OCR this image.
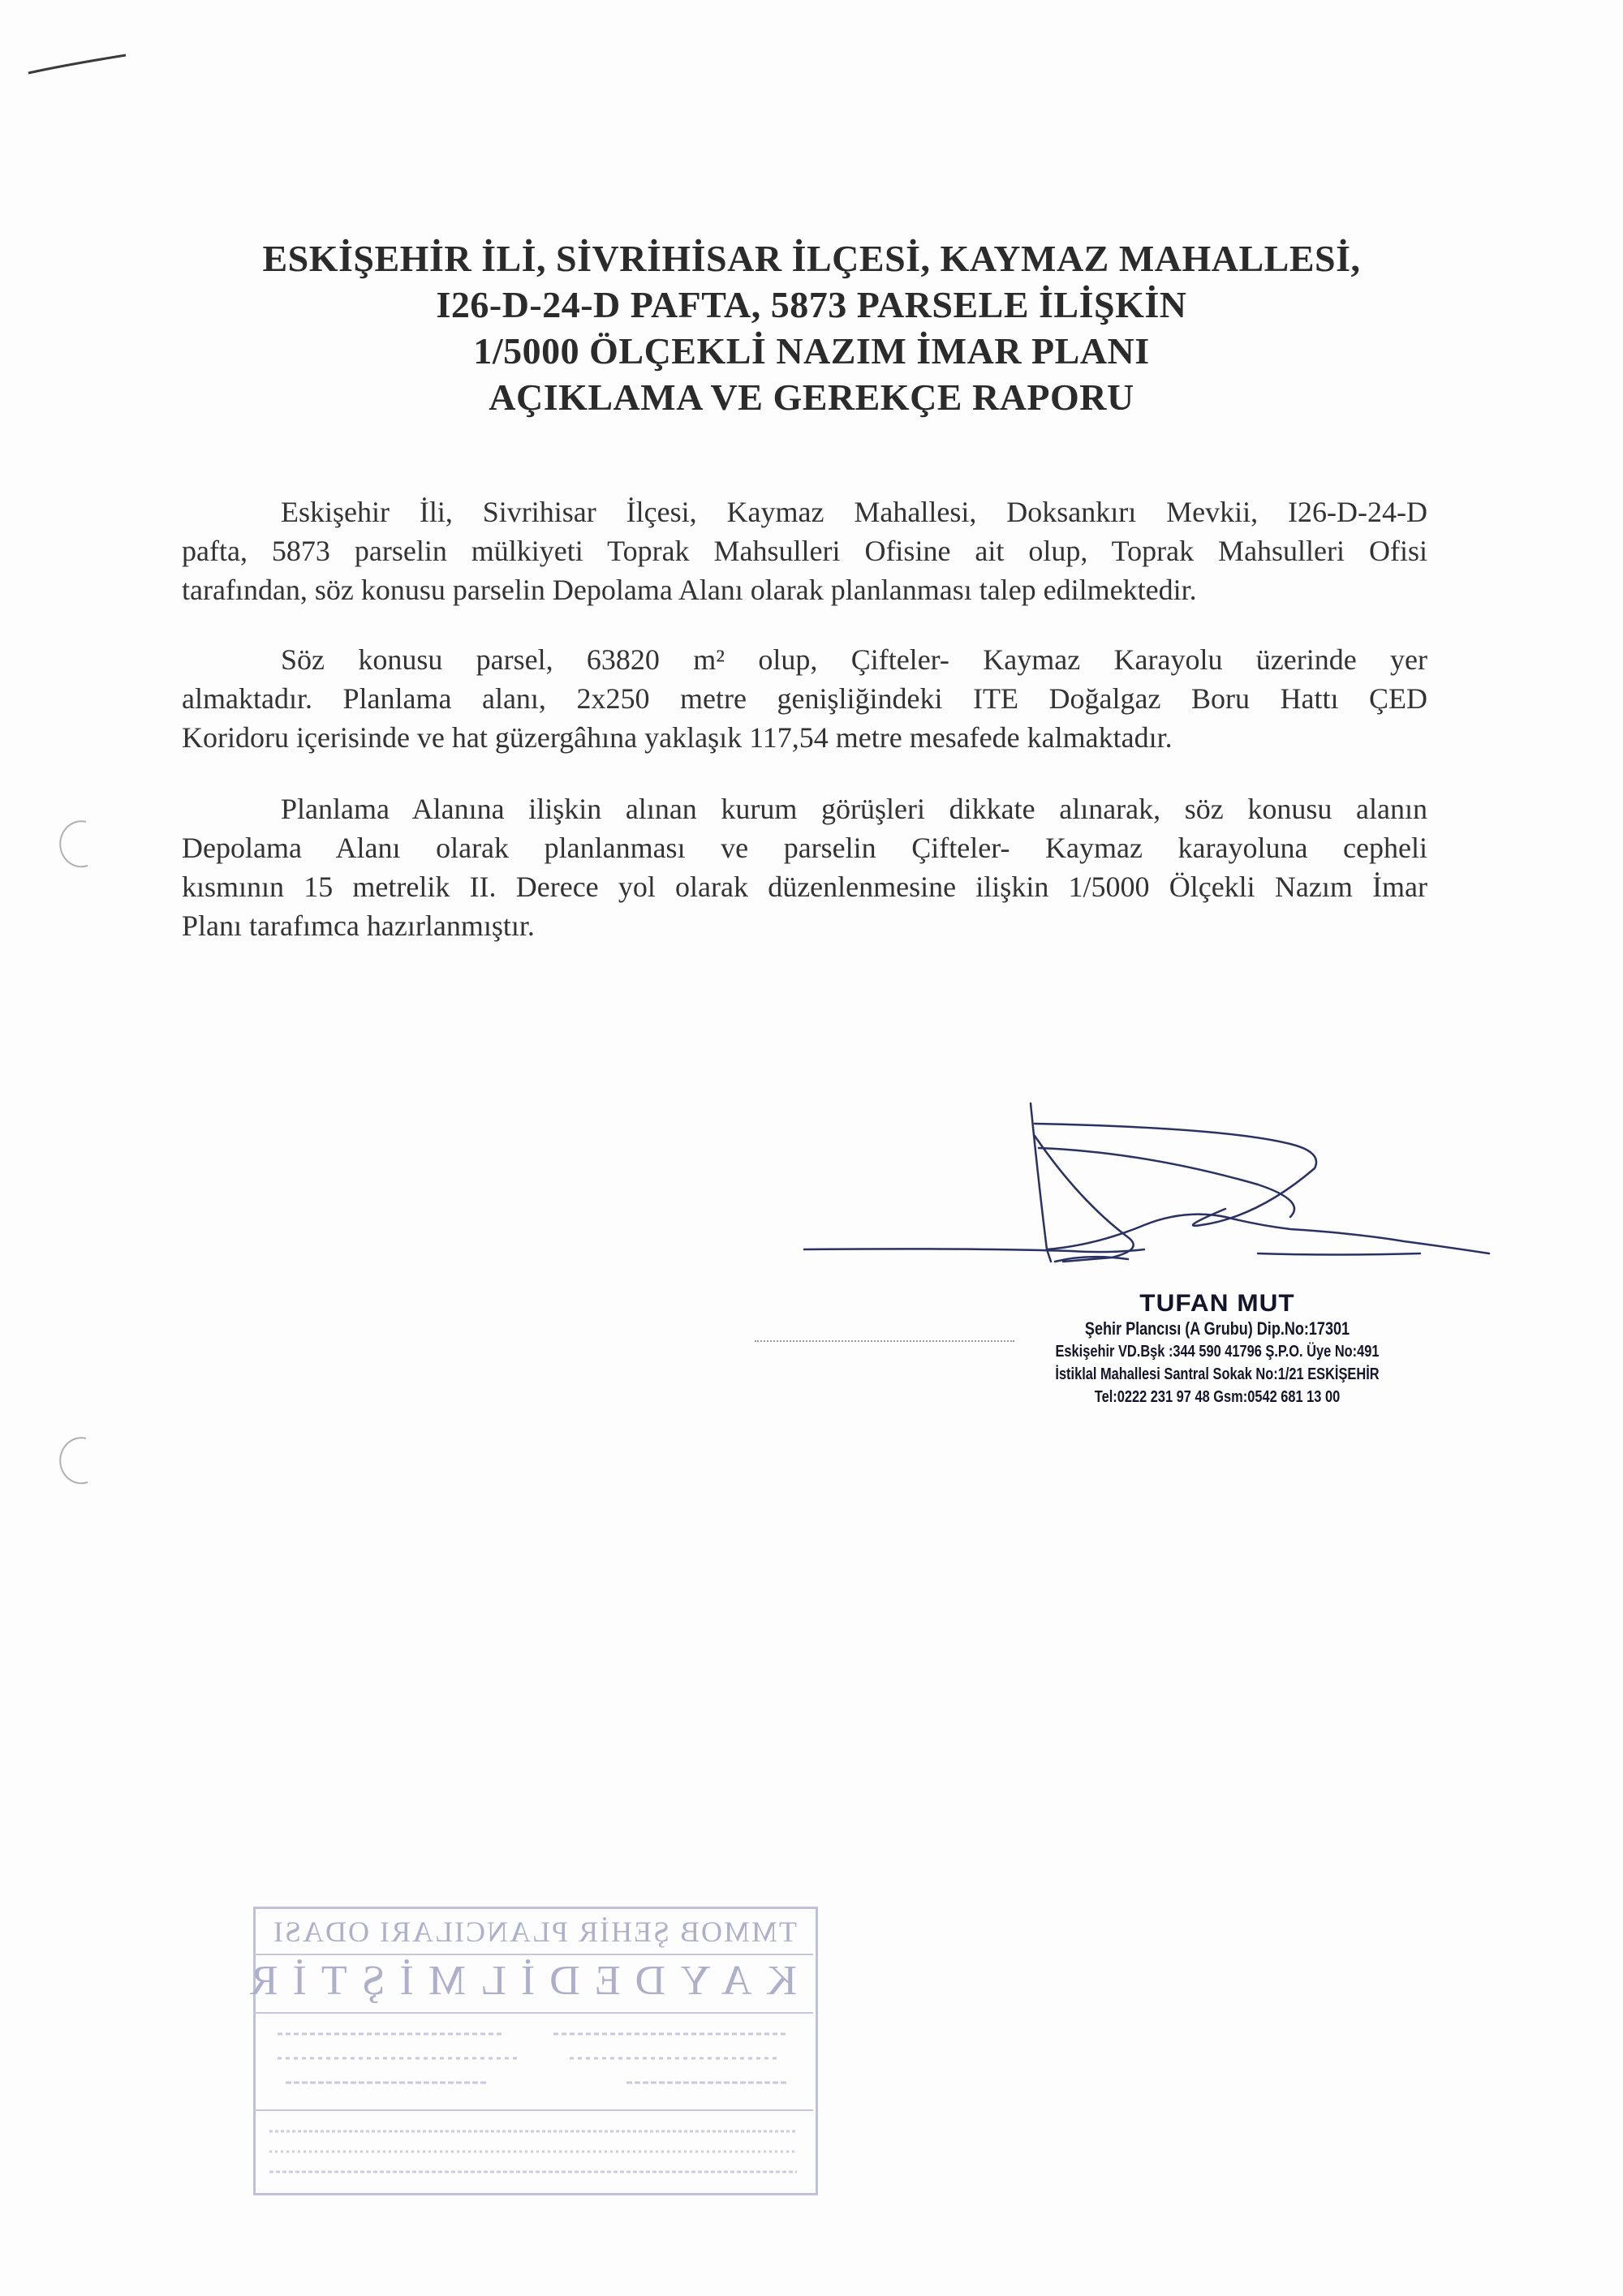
ESKİŞEHİR İLİ, SİVRİHİSAR İLÇESİ, KAYMAZ MAHALLESİ,
I26-D-24-D PAFTA, 5873 PARSELE İLİŞKİN
1/5000 ÖLÇEKLİ NAZIM İMAR PLANI
AÇIKLAMA VE GEREKÇE RAPORU
Eskişehir İli, Sivrihisar İlçesi, Kaymaz Mahallesi, Doksankırı Mevkii, I26-D-24-D
pafta, 5873 parselin mülkiyeti Toprak Mahsulleri Ofisine ait olup, Toprak Mahsulleri Ofisi
tarafından, söz konusu parselin Depolama Alanı olarak planlanması talep edilmektedir.
Söz konusu parsel, 63820 m² olup, Çifteler- Kaymaz Karayolu üzerinde yer
almaktadır. Planlama alanı, 2x250 metre genişliğindeki ITE Doğalgaz Boru Hattı ÇED
Koridoru içerisinde ve hat güzergâhına yaklaşık 117,54 metre mesafede kalmaktadır.
Planlama Alanına ilişkin alınan kurum görüşleri dikkate alınarak, söz konusu alanın
Depolama Alanı olarak planlanması ve parselin Çifteler- Kaymaz karayoluna cepheli
kısmının 15 metrelik II. Derece yol olarak düzenlenmesine ilişkin 1/5000 Ölçekli Nazım İmar
Planı tarafımca hazırlanmıştır.
TUFAN MUT
Şehir Plancısı (A Grubu) Dip.No:17301
Eskişehir VD.Bşk :344 590 41796 Ş.P.O. Üye No:491
İstiklal Mahallesi Santral Sokak No:1/21 ESKİŞEHİR
Tel:0222 231 97 48 Gsm:0542 681 13 00
TMMOB ŞEHİR PLANCILARI ODASI
KAYDEDİLMİŞTİR
